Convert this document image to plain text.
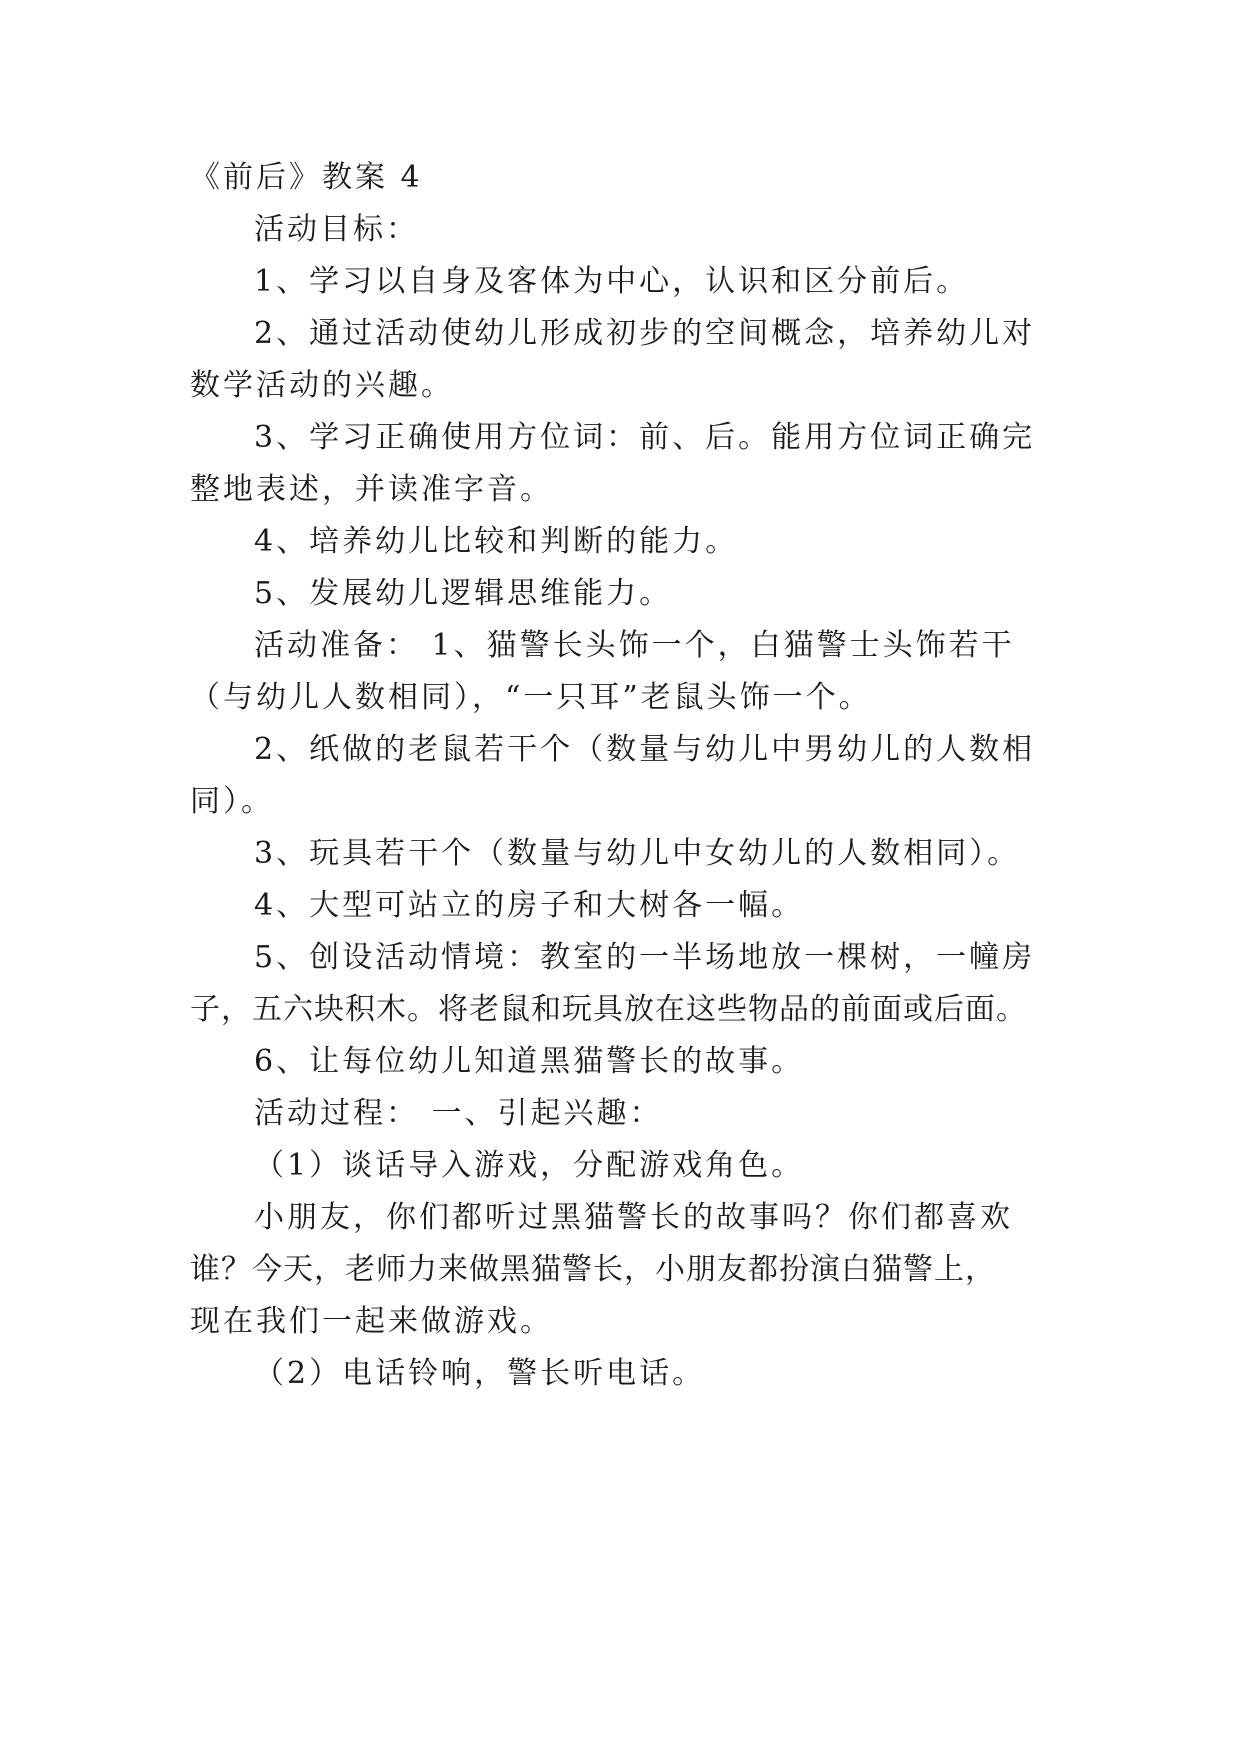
《前后》教案 4
活动目标：
1、学习以自身及客体为中心，认识和区分前后。
2、通过活动使幼儿形成初步的空间概念，培养幼儿对
数学活动的兴趣。
3、学习正确使用方位词：前、后。能用方位词正确完
整地表述，并读准字音。
4、培养幼儿比较和判断的能力。
5、发展幼儿逻辑思维能力。
活动准备： 1、猫警长头饰一个，白猫警士头饰若干
（与幼儿人数相同），“一只耳”老鼠头饰一个。
2、纸做的老鼠若干个（数量与幼儿中男幼儿的人数相
同）。
3、玩具若干个（数量与幼儿中女幼儿的人数相同）。
4、大型可站立的房子和大树各一幅。
5、创设活动情境：教室的一半场地放一棵树，一幢房
子，五六块积木。将老鼠和玩具放在这些物品的前面或后面。
6、让每位幼儿知道黑猫警长的故事。
活动过程： 一、引起兴趣：
（1）谈话导入游戏，分配游戏角色。
小朋友，你们都听过黑猫警长的故事吗？你们都喜欢
谁？今天，老师力来做黑猫警长，小朋友都扮演白猫警上，
现在我们一起来做游戏。
（2）电话铃响，警长听电话。
